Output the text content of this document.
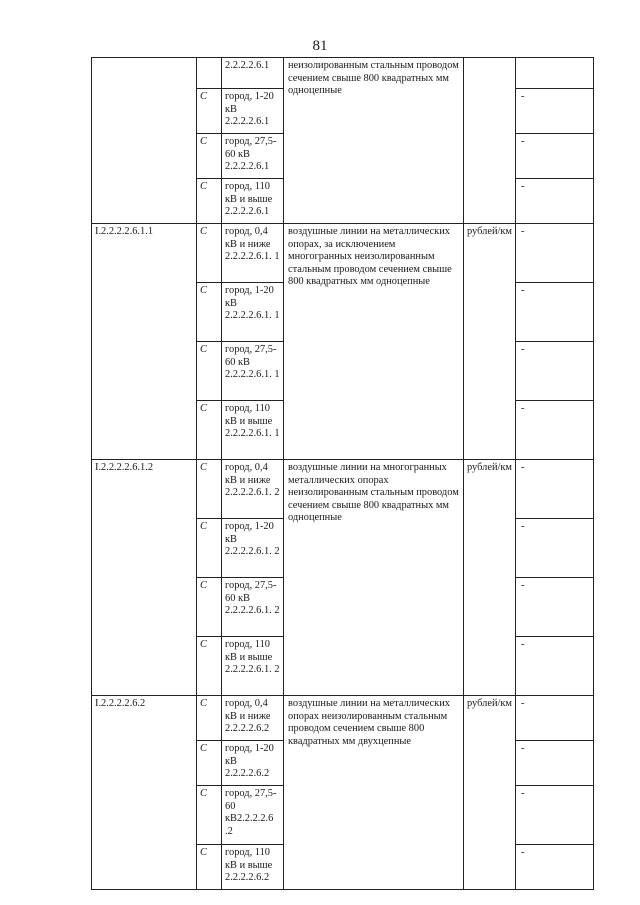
81
		2.2.2.2.6.1	неизолированным стальным проводом сечением свыше 800 квадратных мм одноцепные		
	С	город, 1-20 кВ 2.2.2.2.6.1			-
	С	город, 27,5-60 кВ 2.2.2.2.6.1			-
	С	город, 110 кВ и выше 2.2.2.2.6.1			-
I.2.2.2.2.6.1.1	С	город, 0,4 кВ и ниже 2.2.2.2.6.1. 1	воздушные линии на металлических опорах, за исключением многогранных неизолированным стальным проводом сечением свыше 800 квадратных мм одноцепные	рублей/км	-
	С	город, 1-20 кВ 2.2.2.2.6.1. 1			-
	С	город, 27,5-60 кВ 2.2.2.2.6.1. 1			-
	С	город, 110 кВ и выше 2.2.2.2.6.1. 1			-
I.2.2.2.2.6.1.2	С	город, 0,4 кВ и ниже 2.2.2.2.6.1. 2	воздушные линии на многогранных металлических опорах неизолированным стальным проводом сечением свыше 800 квадратных мм одноцепные	рублей/км	-
	С	город, 1-20 кВ 2.2.2.2.6.1. 2			-
	С	город, 27,5-60 кВ 2.2.2.2.6.1. 2			-
	С	город, 110 кВ и выше 2.2.2.2.6.1. 2			-
I.2.2.2.2.6.2	С	город, 0,4 кВ и ниже 2.2.2.2.6.2	воздушные линии на металлических опорах неизолированным стальным проводом сечением свыше 800 квадратных мм двухцепные	рублей/км	-
	С	город, 1-20 кВ 2.2.2.2.6.2			-
	С	город, 27,5-60 кВ2.2.2.2.6 .2			-
	С	город, 110 кВ и выше 2.2.2.2.6.2			-
